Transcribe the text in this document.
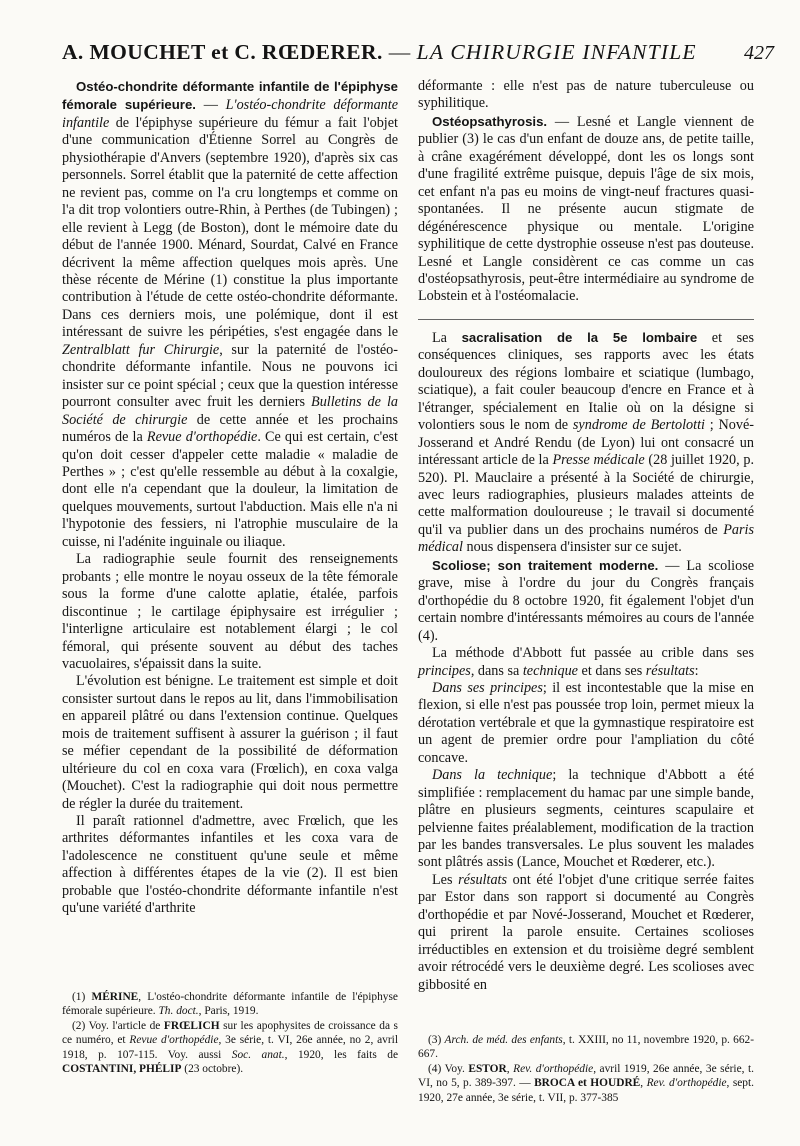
A. MOUCHET et C. RŒDERER. — LA CHIRURGIE INFANTILE 427

Ostéo-chondrite déformante infantile de l'épiphyse fémorale supérieure. — L'ostéo-chondrite déformante infantile de l'épiphyse supérieure du fémur a fait l'objet d'une communication d'Étienne Sorrel au Congrès de physiothérapie d'Anvers (septembre 1920), d'après six cas personnels. Sorrel établit que la paternité de cette affection ne revient pas, comme on l'a cru longtemps et comme on l'a dit trop volontiers outre-Rhin, à Perthes (de Tubingen) ; elle revient à Legg (de Boston), dont le mémoire date du début de l'année 1900. Ménard, Sourdat, Calvé en France décrivent la même affection quelques mois après. Une thèse récente de Mérine (1) constitue la plus importante contribution à l'étude de cette ostéo-chondrite déformante. Dans ces derniers mois, une polémique, dont il est intéressant de suivre les péripéties, s'est engagée dans le Zentralblatt fur Chirurgie, sur la paternité de l'ostéo-chondrite déformante infantile. Nous ne pouvons ici insister sur ce point spécial ; ceux que la question intéresse pourront consulter avec fruit les derniers Bulletins de la Société de chirurgie de cette année et les prochains numéros de la Revue d'orthopédie. Ce qui est certain, c'est qu'on doit cesser d'appeler cette maladie « maladie de Perthes » ; c'est qu'elle ressemble au début à la coxalgie, dont elle n'a cependant que la douleur, la limitation de quelques mouvements, surtout l'abduction. Mais elle n'a ni l'hypotonie des fessiers, ni l'atrophie musculaire de la cuisse, ni l'adénite inguinale ou iliaque.

La radiographie seule fournit des renseignements probants ; elle montre le noyau osseux de la tête fémorale sous la forme d'une calotte aplatie, étalée, parfois discontinue ; le cartilage épiphysaire est irrégulier ; l'interligne articulaire est notablement élargi ; le col fémoral, qui présente souvent au début des taches vacuolaires, s'épaissit dans la suite.

L'évolution est bénigne. Le traitement est simple et doit consister surtout dans le repos au lit, dans l'immobilisation en appareil plâtré ou dans l'extension continue. Quelques mois de traitement suffisent à assurer la guérison ; il faut se méfier cependant de la possibilité de déformation ultérieure du col en coxa vara (Frœlich), en coxa valga (Mouchet). C'est la radiographie qui doit nous permettre de régler la durée du traitement.

Il paraît rationnel d'admettre, avec Frœlich, que les arthrites déformantes infantiles et les coxa vara de l'adolescence ne constituent qu'une seule et même affection à différentes étapes de la vie (2). Il est bien probable que l'ostéo-chondrite déformante infantile n'est qu'une variété d'arthrite

(1) MÉRINE, L'ostéo-chondrite déformante infantile de l'épiphyse fémorale supérieure. Th. doct., Paris, 1919.

(2) Voy. l'article de FRŒLICH sur les apophysites de croissance da s ce numéro, et Revue d'orthopédie, 3e série, t. VI, 26e année, no 2, avril 1918, p. 107-115. Voy. aussi Soc. anat., 1920, les faits de COSTANTINI, PHÉLIP (23 octobre).

déformante : elle n'est pas de nature tuberculeuse ou syphilitique.

Ostéopsathyrosis. — Lesné et Langle viennent de publier (3) le cas d'un enfant de douze ans, de petite taille, à crâne exagérément développé, dont les os longs sont d'une fragilité extrême puisque, depuis l'âge de six mois, cet enfant n'a pas eu moins de vingt-neuf fractures quasi-spontanées. Il ne présente aucun stigmate de dégénérescence physique ou mentale. L'origine syphilitique de cette dystrophie osseuse n'est pas douteuse. Lesné et Langle considèrent ce cas comme un cas d'ostéopsathyrosis, peut-être intermédiaire au syndrome de Lobstein et à l'ostéomalacie.

La sacralisation de la 5e lombaire et ses conséquences cliniques, ses rapports avec les états douloureux des régions lombaire et sciatique (lumbago, sciatique), a fait couler beaucoup d'encre en France et à l'étranger, spécialement en Italie où on la désigne si volontiers sous le nom de syndrome de Bertolotti ; Nové-Josserand et André Rendu (de Lyon) lui ont consacré un intéressant article de la Presse médicale (28 juillet 1920, p. 520). Pl. Mauclaire a présenté à la Société de chirurgie, avec leurs radiographies, plusieurs malades atteints de cette malformation douloureuse ; le travail si documenté qu'il va publier dans un des prochains numéros de Paris médical nous dispensera d'insister sur ce sujet.

Scoliose; son traitement moderne. — La scoliose grave, mise à l'ordre du jour du Congrès français d'orthopédie du 8 octobre 1920, fit également l'objet d'un certain nombre d'intéressants mémoires au cours de l'année (4).

La méthode d'Abbott fut passée au crible dans ses principes, dans sa technique et dans ses résultats:

Dans ses principes; il est incontestable que la mise en flexion, si elle n'est pas poussée trop loin, permet mieux la dérotation vertébrale et que la gymnastique respiratoire est un agent de premier ordre pour l'ampliation du côté concave.

Dans la technique; la technique d'Abbott a été simplifiée : remplacement du hamac par une simple bande, plâtre en plusieurs segments, ceintures scapulaire et pelvienne faites préalablement, modification de la traction par les bandes transversales. Le plus souvent les malades sont plâtrés assis (Lance, Mouchet et Rœderer, etc.).

Les résultats ont été l'objet d'une critique serrée faites par Estor dans son rapport si documenté au Congrès d'orthopédie et par Nové-Josserand, Mouchet et Rœderer, qui prirent la parole ensuite. Certaines scolioses irréductibles en extension et du troisième degré semblent avoir rétrocédé vers le deuxième degré. Les scolioses avec gibbosité en

(3) Arch. de méd. des enfants, t. XXIII, no 11, novembre 1920, p. 662-667.

(4) Voy. ESTOR, Rev. d'orthopédie, avril 1919, 26e année, 3e série, t. VI, no 5, p. 389-397. — BROCA et HOUDRÉ, Rev. d'orthopédie, sept. 1920, 27e année, 3e série, t. VII, p. 377-385
